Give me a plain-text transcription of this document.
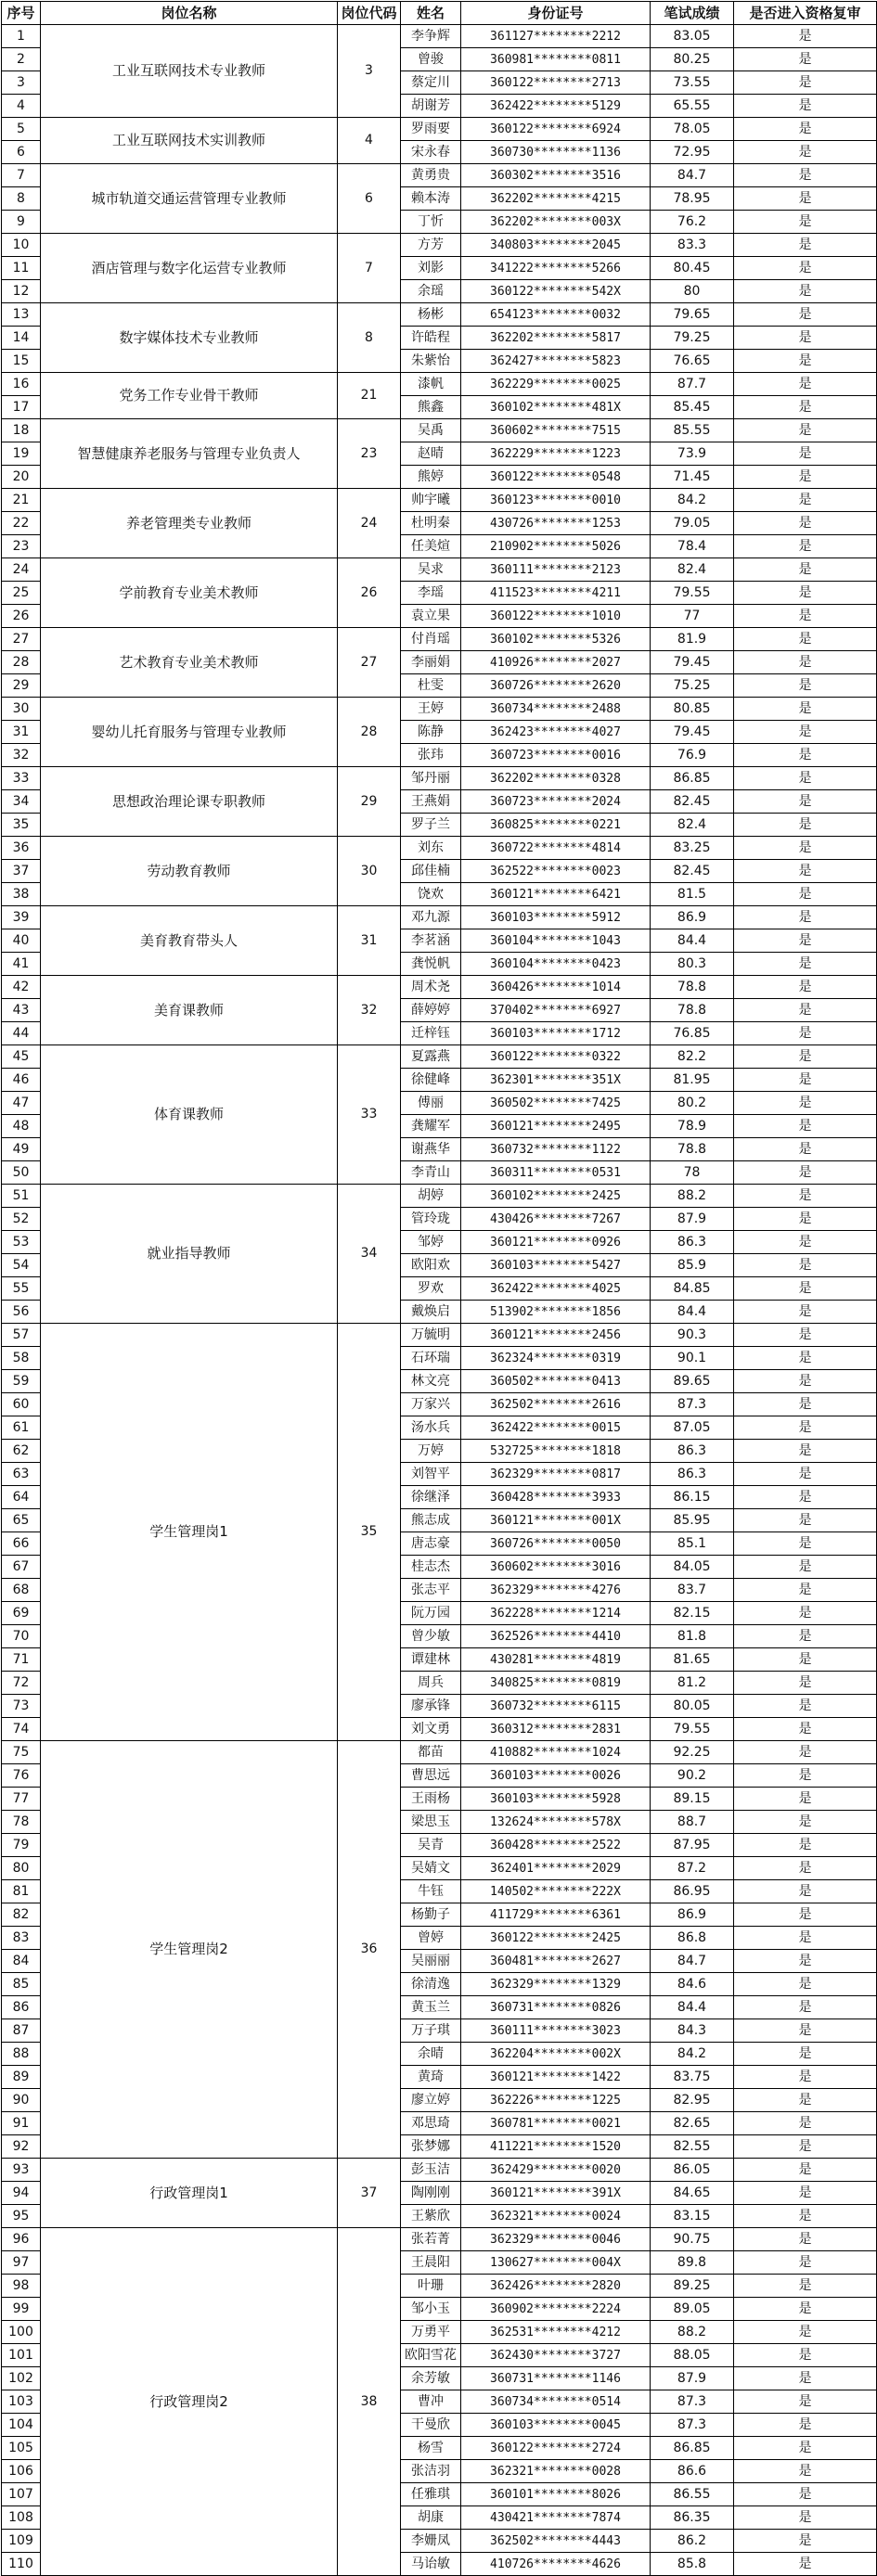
序号	岗位名称	岗位代码	姓名	身份证号	笔试成绩	是否进入资格复审
1	工业互联网技术专业教师	3	李争辉	361127********2212	83.05	是
2			曾骏	360981********0811	80.25	是
3			蔡定川	360122********2713	73.55	是
4			胡谢芳	362422********5129	65.55	是
5	工业互联网技术实训教师	4	罗雨要	360122********6924	78.05	是
6			宋永春	360730********1136	72.95	是
7	城市轨道交通运营管理专业教师	6	黄勇贵	360302********3516	84.7	是
8			赖本涛	362202********4215	78.95	是
9			丁忻	362202********003X	76.2	是
10	酒店管理与数字化运营专业教师	7	方芳	340803********2045	83.3	是
11			刘影	341222********5266	80.45	是
12			余瑶	360122********542X	80	是
13	数字媒体技术专业教师	8	杨彬	654123********0032	79.65	是
14			许皓程	362202********5817	79.25	是
15			朱紫怡	362427********5823	76.65	是
16	党务工作专业骨干教师	21	漆帆	362229********0025	87.7	是
17			熊鑫	360102********481X	85.45	是
18	智慧健康养老服务与管理专业负责人	23	吴禹	360602********7515	85.55	是
19			赵晴	362229********1223	73.9	是
20			熊婷	360122********0548	71.45	是
21	养老管理类专业教师	24	帅宇曦	360123********0010	84.2	是
22			杜明秦	430726********1253	79.05	是
23			任美煊	210902********5026	78.4	是
24	学前教育专业美术教师	26	吴求	360111********2123	82.4	是
25			李瑶	411523********4211	79.55	是
26			袁立果	360122********1010	77	是
27	艺术教育专业美术教师	27	付肖瑶	360102********5326	81.9	是
28			李丽娟	410926********2027	79.45	是
29			杜雯	360726********2620	75.25	是
30	婴幼儿托育服务与管理专业教师	28	王婷	360734********2488	80.85	是
31			陈静	362423********4027	79.45	是
32			张玮	360723********0016	76.9	是
33	思想政治理论课专职教师	29	邹丹丽	362202********0328	86.85	是
34			王燕娟	360723********2024	82.45	是
35			罗子兰	360825********0221	82.4	是
36	劳动教育教师	30	刘东	360722********4814	83.25	是
37			邱佳楠	362522********0023	82.45	是
38			饶欢	360121********6421	81.5	是
39	美育教育带头人	31	邓九源	360103********5912	86.9	是
40			李茗涵	360104********1043	84.4	是
41			龚悦帆	360104********0423	80.3	是
42	美育课教师	32	周术尧	360426********1014	78.8	是
43			薛婷婷	370402********6927	78.8	是
44			迁梓钰	360103********1712	76.85	是
45	体育课教师	33	夏露燕	360122********0322	82.2	是
46			徐健峰	362301********351X	81.95	是
47			傅丽	360502********7425	80.2	是
48			龚耀军	360121********2495	78.9	是
49			谢燕华	360732********1122	78.8	是
50			李青山	360311********0531	78	是
51	就业指导教师	34	胡婷	360102********2425	88.2	是
52			管玲珑	430426********7267	87.9	是
53			邹婷	360121********0926	86.3	是
54			欧阳欢	360103********5427	85.9	是
55			罗欢	362422********4025	84.85	是
56			戴焕启	513902********1856	84.4	是
57	学生管理岗1	35	万毓明	360121********2456	90.3	是
58			石环瑞	362324********0319	90.1	是
59			林文亮	360502********0413	89.65	是
60			万家兴	362502********2616	87.3	是
61			汤水兵	362422********0015	87.05	是
62			万婷	532725********1818	86.3	是
63			刘智平	362329********0817	86.3	是
64			徐继泽	360428********3933	86.15	是
65			熊志成	360121********001X	85.95	是
66			唐志豪	360726********0050	85.1	是
67			桂志杰	360602********3016	84.05	是
68			张志平	362329********4276	83.7	是
69			阮万园	362228********1214	82.15	是
70			曾少敏	362526********4410	81.8	是
71			谭建林	430281********4819	81.65	是
72			周兵	340825********0819	81.2	是
73			廖承锋	360732********6115	80.05	是
74			刘文勇	360312********2831	79.55	是
75	学生管理岗2	36	都苗	410882********1024	92.25	是
76			曹思远	360103********0026	90.2	是
77			王雨杨	360103********5928	89.15	是
78			梁思玉	132624********578X	88.7	是
79			吴青	360428********2522	87.95	是
80			吴婧文	362401********2029	87.2	是
81			牛钰	140502********222X	86.95	是
82			杨勤子	411729********6361	86.9	是
83			曾婷	360122********2425	86.8	是
84			吴丽丽	360481********2627	84.7	是
85			徐清逸	362329********1329	84.6	是
86			黄玉兰	360731********0826	84.4	是
87			万子琪	360111********3023	84.3	是
88			余晴	362204********002X	84.2	是
89			黄琦	360121********1422	83.75	是
90			廖立婷	362226********1225	82.95	是
91			邓思琦	360781********0021	82.65	是
92			张梦娜	411221********1520	82.55	是
93	行政管理岗1	37	彭玉洁	362429********0020	86.05	是
94			陶刚刚	360121********391X	84.65	是
95			王紫欣	362321********0024	83.15	是
96	行政管理岗2	38	张若菁	362329********0046	90.75	是
97			王晨阳	130627********004X	89.8	是
98			叶珊	362426********2820	89.25	是
99			邹小玉	360902********2224	89.05	是
100			万勇平	362531********4212	88.2	是
101			欧阳雪花	362430********3727	88.05	是
102			余芳敏	360731********1146	87.9	是
103			曹冲	360734********0514	87.3	是
104			干曼欣	360103********0045	87.3	是
105			杨雪	360122********2724	86.85	是
106			张洁羽	362321********0028	86.6	是
107			任雅琪	360101********8026	86.55	是
108			胡康	430421********7874	86.35	是
109			李姗凤	362502********4443	86.2	是
110			马诒敏	410726********4626	85.8	是
